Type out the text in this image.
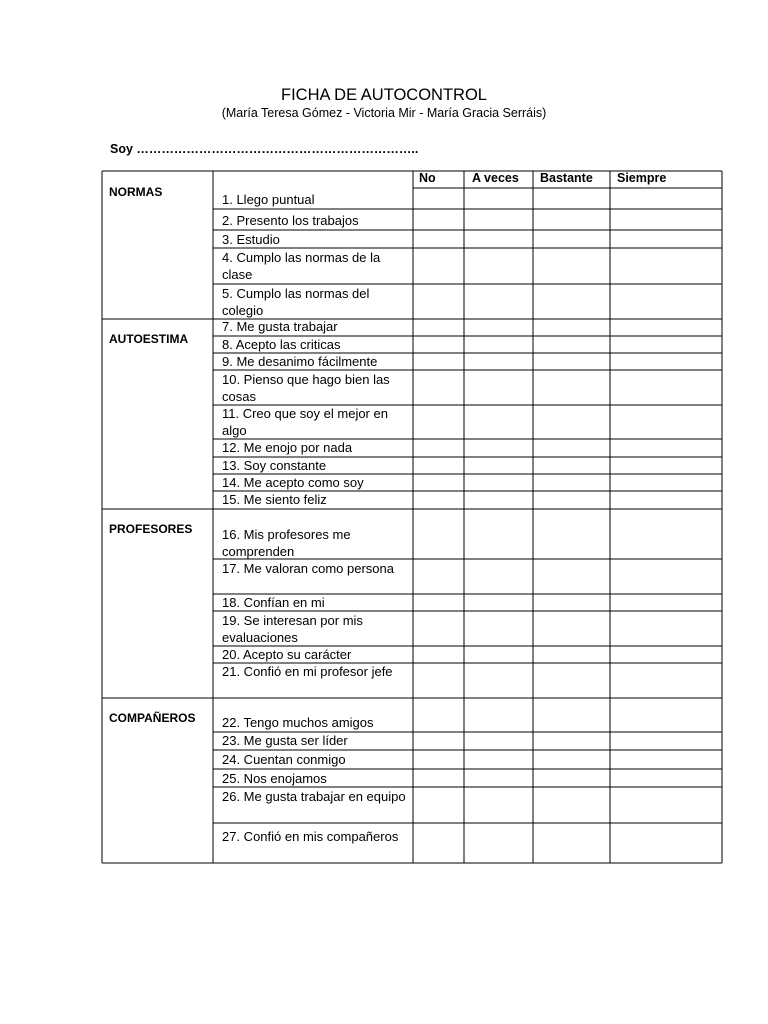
FICHA DE AUTOCONTROL
(María Teresa Gómez - Victoria Mir - María Gracia Serráis)
Soy …………………………………………………………..
No	A veces Bastante Siempre
NORMAS	1. Llego puntual
2. Presento los trabajos
3. Estudio
4. Cumplo las normas de la clase
5. Cumplo las normas del colegio
AUTOESTIMA
7. Me gusta trabajar
8. Acepto las criticas
9. Me desanimo fácilmente
10. Pienso que hago bien las cosas
11. Creo que soy el mejor en algo
12. Me enojo por nada
13. Soy constante
14. Me acepto como soy
15. Me siento feliz
PROFESORES 16. Mis profesores me comprenden
17. Me valoran como persona
18. Confían en mi
19. Se interesan por mis evaluaciones
20. Acepto su carácter
21. Confió en mi profesor jefe
COMPAÑEROS 22. Tengo muchos amigos
23. Me gusta ser líder
24. Cuentan conmigo
25. Nos enojamos
26. Me gusta trabajar en equipo
27. Confió en mis compañeros
